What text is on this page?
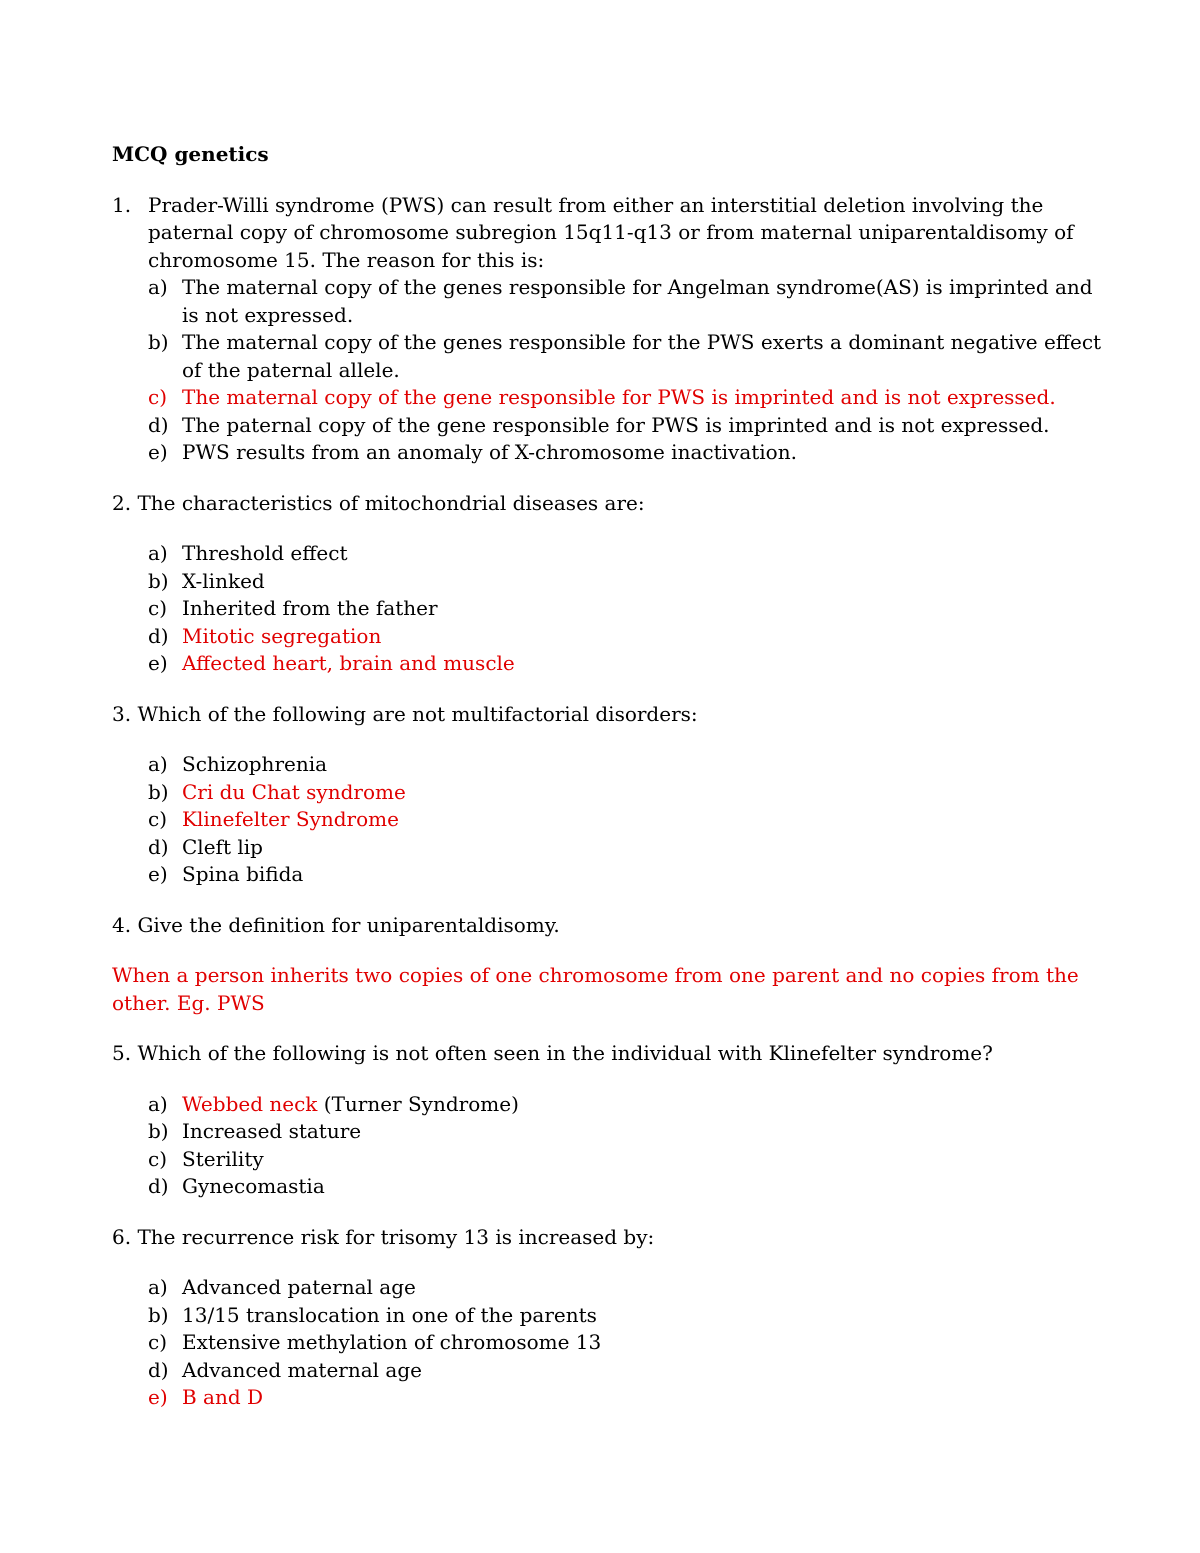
MCQ genetics
1. Prader-Willi syndrome (PWS) can result from either an interstitial deletion involving the paternal copy of chromosome subregion 15q11-q13 or from maternal uniparentaldisomy of chromosome 15. The reason for this is:

a) The maternal copy of the genes responsible for Angelman syndrome(AS) is imprinted and is not expressed.
b) The maternal copy of the genes responsible for the PWS exerts a dominant negative effect of the paternal allele.
c) The maternal copy of the gene responsible for PWS is imprinted and is not expressed.
d) The paternal copy of the gene responsible for PWS is imprinted and is not expressed.
e) PWS results from an anomaly of X-chromosome inactivation.

2. The characteristics of mitochondrial diseases are:

a) Threshold effect
b) X-linked
c) Inherited from the father
d) Mitotic segregation
e) Affected heart, brain and muscle

3. Which of the following are not multifactorial disorders:

a) Schizophrenia
b) Cri du Chat syndrome
c) Klinefelter Syndrome
d) Cleft lip
e) Spina bifida

4. Give the definition for uniparentaldisomy.

When a person inherits two copies of one chromosome from one parent and no copies from the other. Eg. PWS

5. Which of the following is not often seen in the individual with Klinefelter syndrome?

a) Webbed neck (Turner Syndrome)
b) Increased stature
c) Sterility
d) Gynecomastia

6. The recurrence risk for trisomy 13 is increased by:

a) Advanced paternal age
b) 13/15 translocation in one of the parents
c) Extensive methylation of chromosome 13
d) Advanced maternal age
e) B and D
